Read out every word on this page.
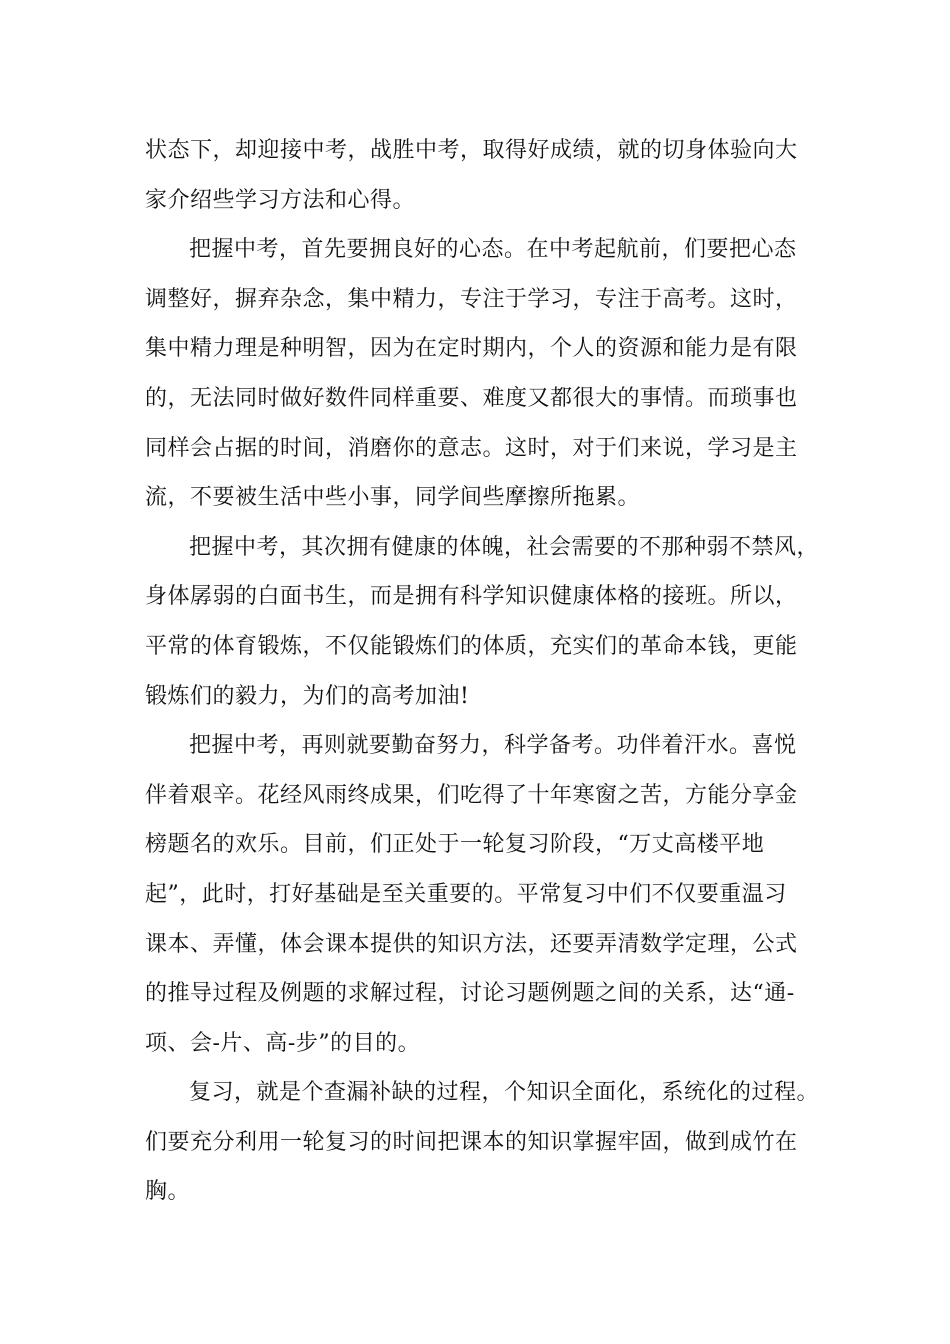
状态下，却迎接中考，战胜中考，取得好成绩，就的切身体验向大
家介绍些学习方法和心得。
把握中考，首先要拥良好的心态。在中考起航前，们要把心态
调整好，摒弃杂念，集中精力，专注于学习，专注于高考。这时，
集中精力理是种明智，因为在定时期内，个人的资源和能力是有限
的，无法同时做好数件同样重要、难度又都很大的事情。而琐事也
同样会占据的时间，消磨你的意志。这时，对于们来说，学习是主
流，不要被生活中些小事，同学间些摩擦所拖累。
把握中考，其次拥有健康的体魄，社会需要的不那种弱不禁风，
身体孱弱的白面书生，而是拥有科学知识健康体格的接班。所以，
平常的体育锻炼，不仅能锻炼们的体质，充实们的革命本钱，更能
锻炼们的毅力，为们的高考加油!
把握中考，再则就要勤奋努力，科学备考。功伴着汗水。喜悦
伴着艰辛。花经风雨终成果，们吃得了十年寒窗之苦，方能分享金
榜题名的欢乐。目前，们正处于一轮复习阶段，“万丈高楼平地
起”，此时，打好基础是至关重要的。平常复习中们不仅要重温习
课本、弄懂，体会课本提供的知识方法，还要弄清数学定理，公式
的推导过程及例题的求解过程，讨论习题例题之间的关系，达“通-
项、会-片、高-步”的目的。
复习，就是个查漏补缺的过程，个知识全面化，系统化的过程。
们要充分利用一轮复习的时间把课本的知识掌握牢固，做到成竹在
胸。
